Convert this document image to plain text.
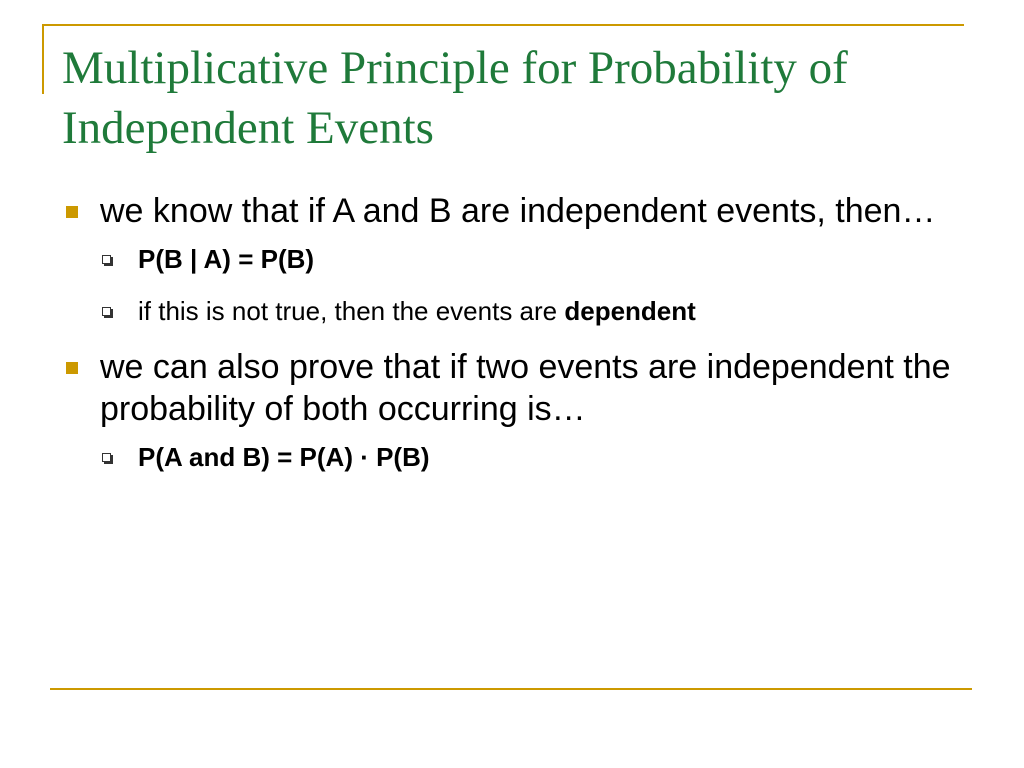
Multiplicative Principle for Probability of Independent Events
we know that if A and B are independent events, then…
P(B | A) = P(B)
if this is not true, then the events are dependent
we can also prove that if two events are independent the probability of both occurring is…
P(A and B) = P(A) · P(B)
